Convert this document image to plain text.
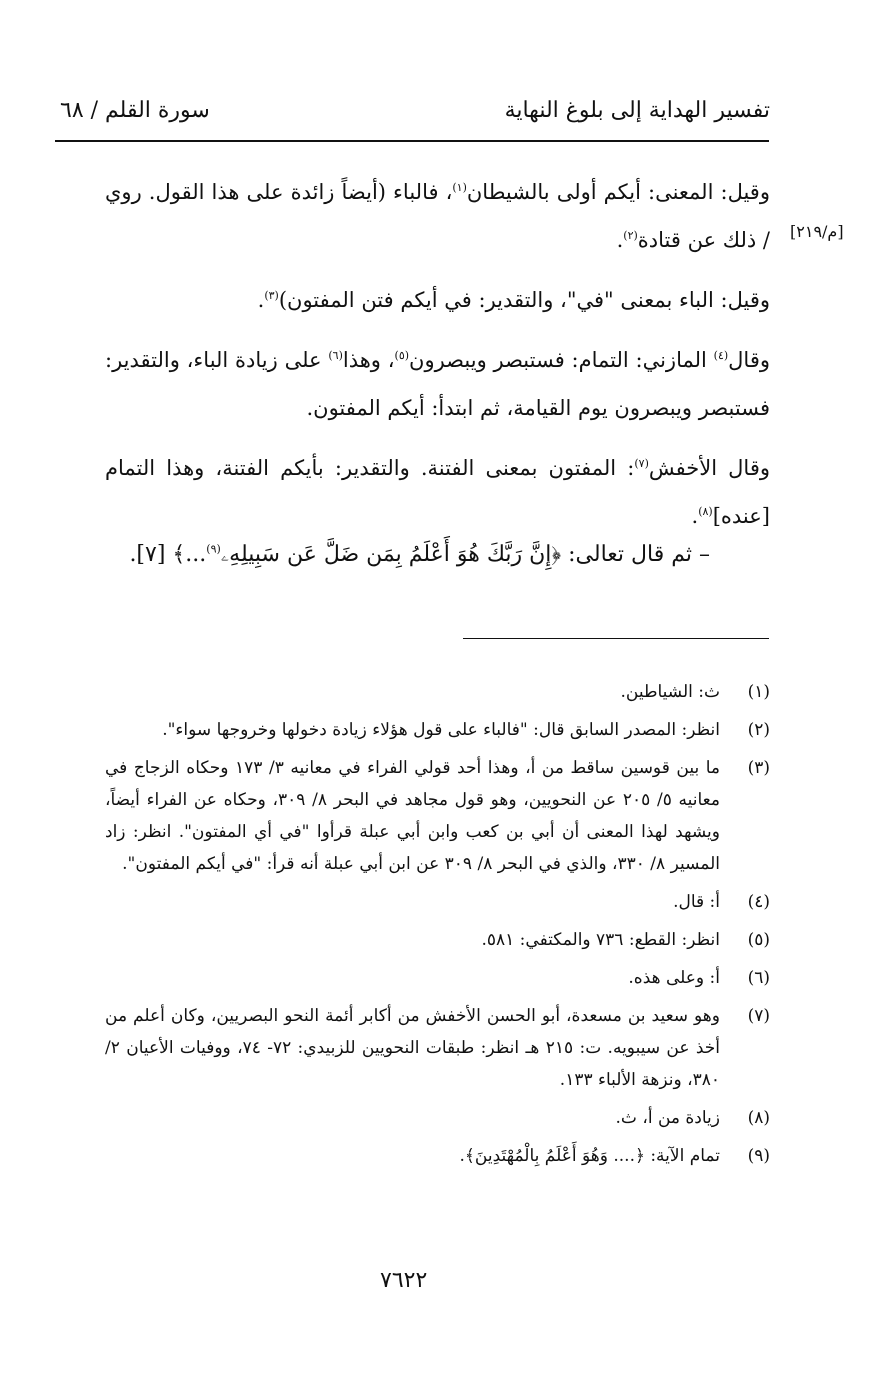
تفسير الهداية إلى بلوغ النهاية
سورة القلم / ٦٨
[م/٢١٩]

وقيل: المعنى: أيكم أولى بالشيطان$^{(١)}$، فالباء (أيضاً زائدة على هذا القول. روي / ذلك عن قتادة$^{(٢)}$.

وقيل: الباء بمعنى "في"، والتقدير: في أيكم فتن المفتون)$^{(٣)}$.

وقال$^{(٤)}$ المازني: التمام: فستبصر ويبصرون$^{(٥)}$، وهذا$^{(٦)}$ على زيادة الباء، والتقدير: فستبصر ويبصرون يوم القيامة، ثم ابتدأ: أيكم المفتون.

وقال الأخفش$^{(٧)}$: المفتون بمعنى الفتنة. والتقدير: بأيكم الفتنة، وهذا التمام [عنده]$^{(٨)}$.

– ثم قال تعالى: ﴿إِنَّ رَبَّكَ هُوَ أَعْلَمُ بِمَن ضَلَّ عَن سَبِيلِهِۦ$^{(٩)}$...﴾ [٧].
(١)
ث: الشياطين.
(٢)
انظر: المصدر السابق قال: "فالباء على قول هؤلاء زيادة دخولها وخروجها سواء".
(٣)
ما بين قوسين ساقط من أ، وهذا أحد قولي الفراء في معانيه ٣/ ١٧٣ وحكاه الزجاج في معانيه ٥/ ٢٠٥ عن النحويين، وهو قول مجاهد في البحر ٨/ ٣٠٩، وحكاه عن الفراء أيضاً، ويشهد لهذا المعنى أن أبي بن كعب وابن أبي عبلة قرأوا "في أي المفتون". انظر: زاد المسير ٨/ ٣٣٠، والذي في البحر ٨/ ٣٠٩ عن ابن أبي عبلة أنه قرأ: "في أيكم المفتون".
(٤)
أ: قال.
(٥)
انظر: القطع: ٧٣٦ والمكتفي: ٥٨١.
(٦)
أ: وعلى هذه.
(٧)
وهو سعيد بن مسعدة، أبو الحسن الأخفش من أكابر أئمة النحو البصريين، وكان أعلم من أخذ عن سيبويه. ت: ٢١٥ هـ انظر: طبقات النحويين للزبيدي: ٧٢- ٧٤، ووفيات الأعيان ٢/ ٣٨٠، ونزهة الألباء ١٣٣.
(٨)
زيادة من أ، ث.
(٩)
تمام الآية: ﴿.... وَهُوَ أَعْلَمُ بِالْمُهْتَدِينَ﴾.
٧٦٢٢
